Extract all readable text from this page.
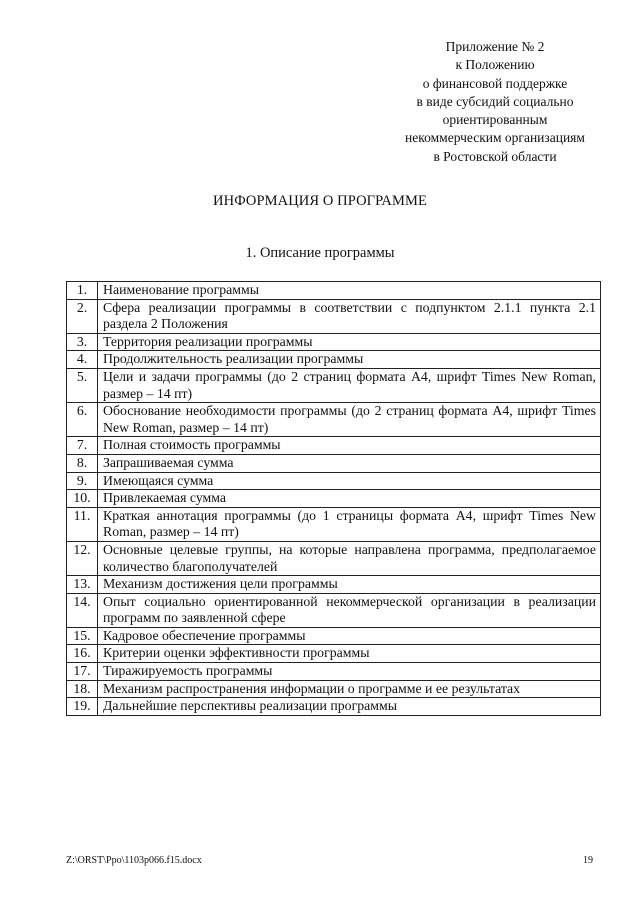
Приложение № 2
к Положению
о финансовой поддержке
в виде субсидий социально
ориентированным
некоммерческим организациям
в Ростовской области
ИНФОРМАЦИЯ О ПРОГРАММЕ
1. Описание программы
1.	Наименование программы
2.	Сфера реализации программы в соответствии с подпунктом 2.1.1 пункта 2.1 раздела 2 Положения
3.	Территория реализации программы
4.	Продолжительность реализации программы
5.	Цели и задачи программы (до 2 страниц формата А4, шрифт Times New Roman, размер – 14 пт)
6.	Обоснование необходимости программы (до 2 страниц формата А4, шрифт Times New Roman, размер – 14 пт)
7.	Полная стоимость программы
8.	Запрашиваемая сумма
9.	Имеющаяся сумма
10.	Привлекаемая сумма
11.	Краткая аннотация программы (до 1 страницы формата А4, шрифт Times New Roman, размер – 14 пт)
12.	Основные целевые группы, на которые направлена программа, предполагаемое количество благополучателей
13.	Механизм достижения цели программы
14.	Опыт социально ориентированной некоммерческой организации в реализации программ по заявленной сфере
15.	Кадровое обеспечение программы
16.	Критерии оценки эффективности программы
17.	Тиражируемость программы
18.	Механизм распространения информации о программе и ее результатах
19.	Дальнейшие перспективы реализации программы
Z:\ORST\Ppo\1103p066.f15.docx	19
